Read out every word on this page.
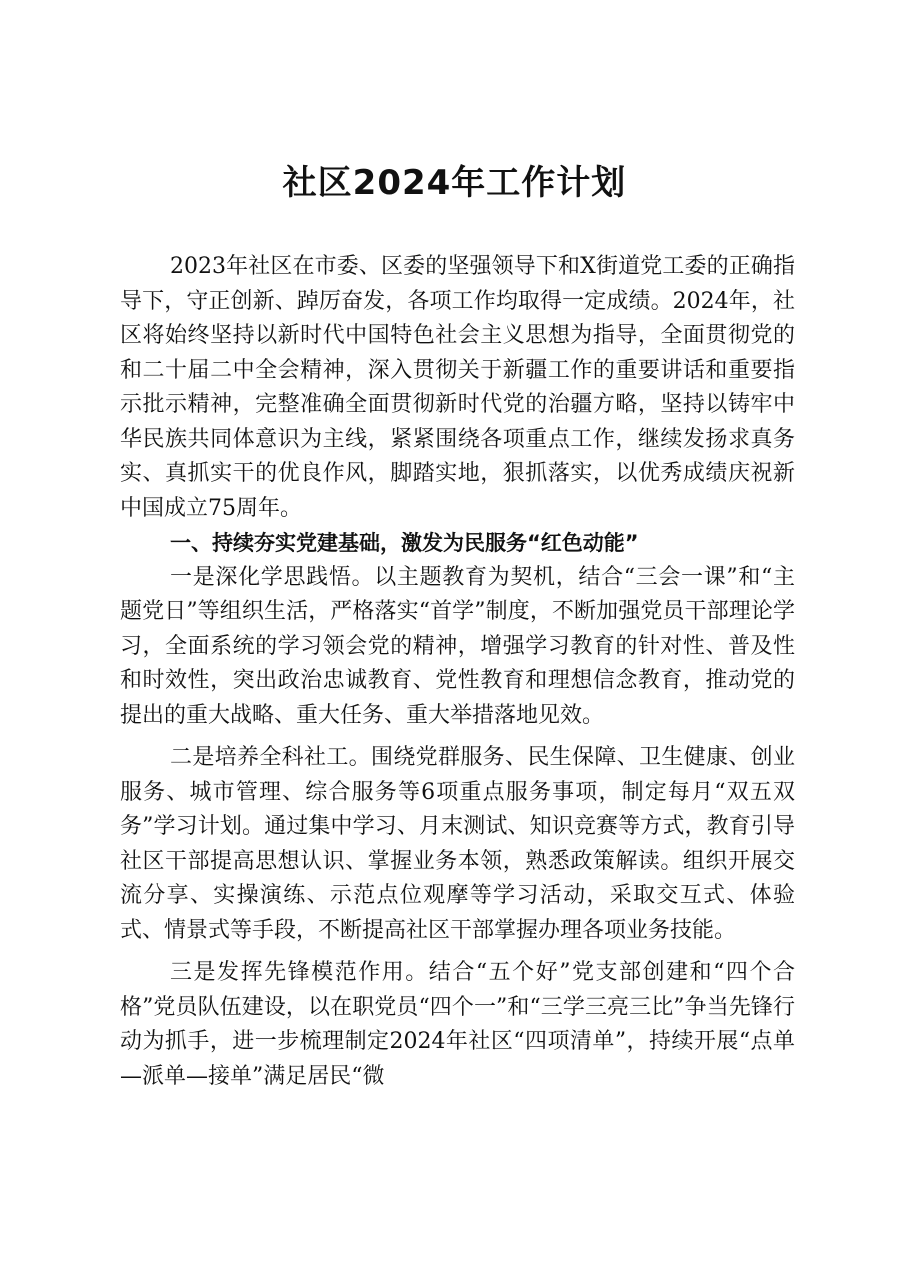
社区2024年工作计划

2023年社区在市委、区委的坚强领导下和X街道党工委的正确指导下，守正创新、踔厉奋发，各项工作均取得一定成绩。2024年，社区将始终坚持以新时代中国特色社会主义思想为指导，全面贯彻党的和二十届二中全会精神，深入贯彻关于新疆工作的重要讲话和重要指示批示精神，完整准确全面贯彻新时代党的治疆方略，坚持以铸牢中华民族共同体意识为主线，紧紧围绕各项重点工作，继续发扬求真务实、真抓实干的优良作风，脚踏实地，狠抓落实，以优秀成绩庆祝新中国成立75周年。

一、持续夯实党建基础，激发为民服务“红色动能”

一是深化学思践悟。以主题教育为契机，结合“三会一课”和“主题党日”等组织生活，严格落实“首学”制度，不断加强党员干部理论学习，全面系统的学习领会党的精神，增强学习教育的针对性、普及性和时效性，突出政治忠诚教育、党性教育和理想信念教育，推动党的提出的重大战略、重大任务、重大举措落地见效。

二是培养全科社工。围绕党群服务、民生保障、卫生健康、创业服务、城市管理、综合服务等6项重点服务事项，制定每月“双五双务”学习计划。通过集中学习、月末测试、知识竞赛等方式，教育引导社区干部提高思想认识、掌握业务本领，熟悉政策解读。组织开展交流分享、实操演练、示范点位观摩等学习活动，采取交互式、体验式、情景式等手段，不断提高社区干部掌握办理各项业务技能。

三是发挥先锋模范作用。结合“五个好”党支部创建和“四个合格”党员队伍建设，以在职党员“四个一”和“三学三亮三比”争当先锋行动为抓手，进一步梳理制定2024年社区“四项清单”，持续开展“点单—派单—接单”满足居民“微
